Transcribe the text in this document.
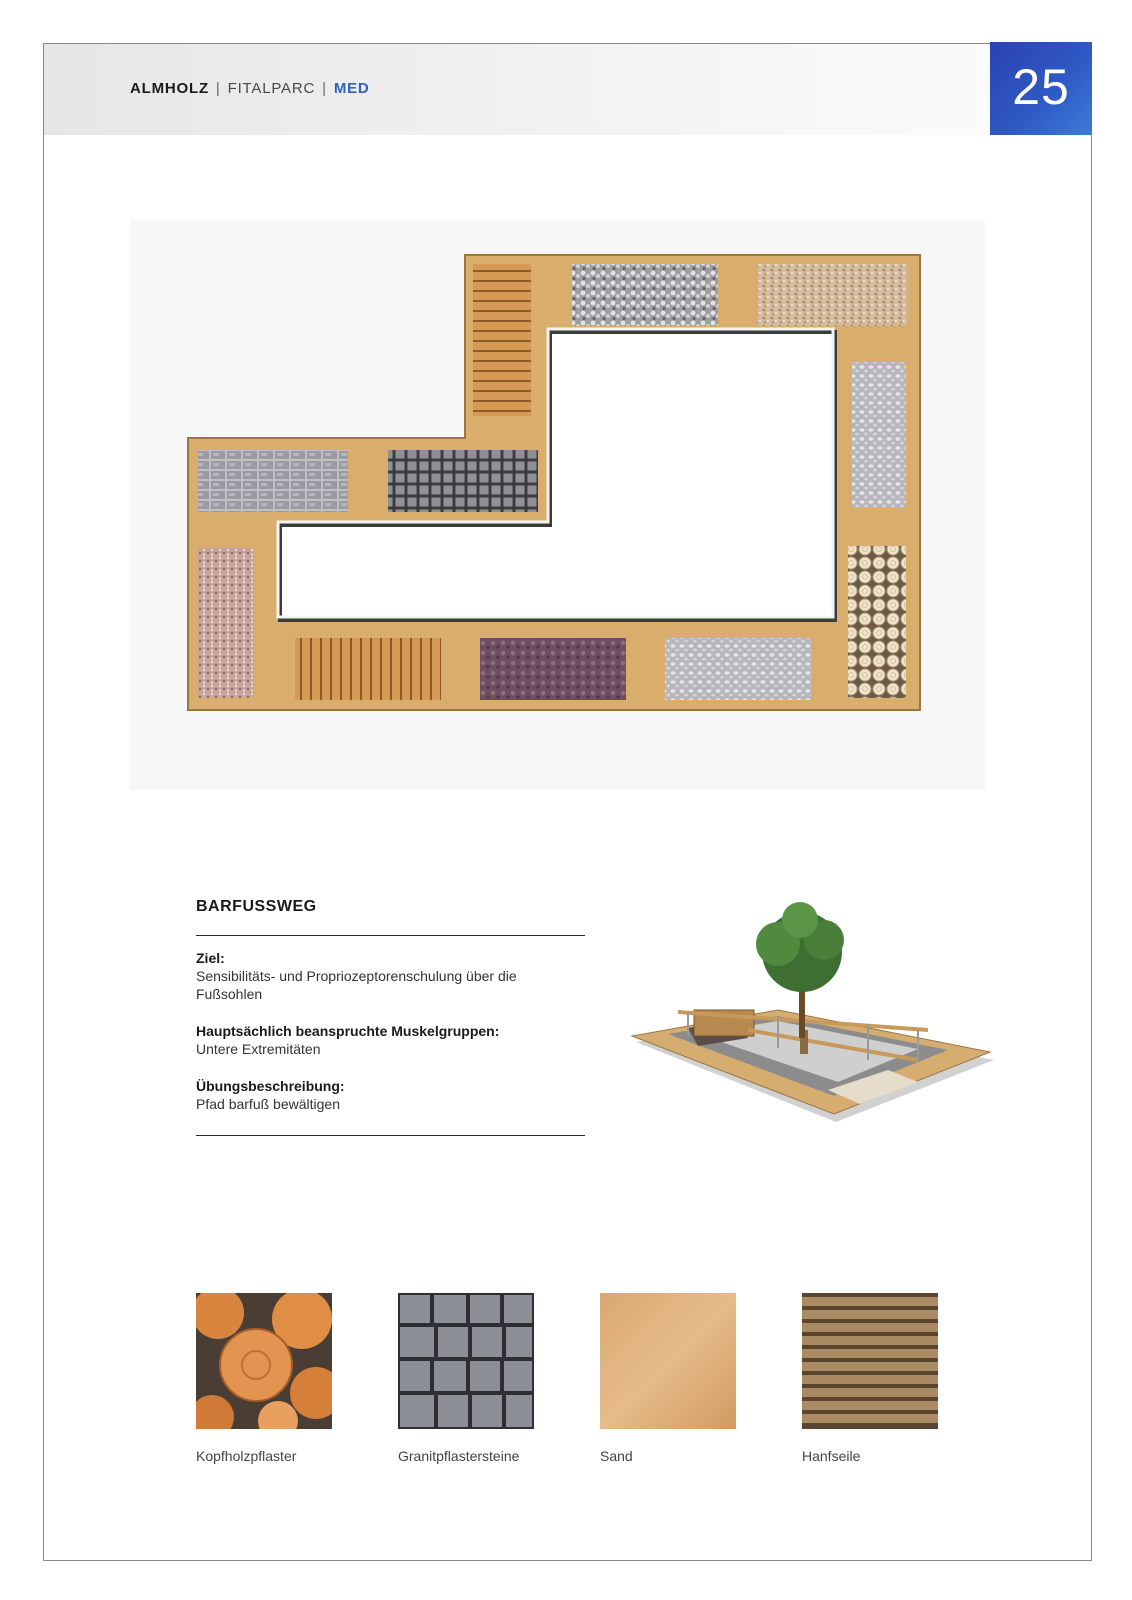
ALMHOLZ | FITALPARC | MED	25
BARFUSSWEG
Ziel:
Sensibilitäts- und Propriozeptorenschulung über die Fußsohlen
Hauptsächlich beanspruchte Muskelgruppen:
Untere Extremitäten
Übungsbeschreibung:
Pfad barfuß bewältigen
Kopfholzpflaster	Granitpflastersteine	Sand	Hanfseile
